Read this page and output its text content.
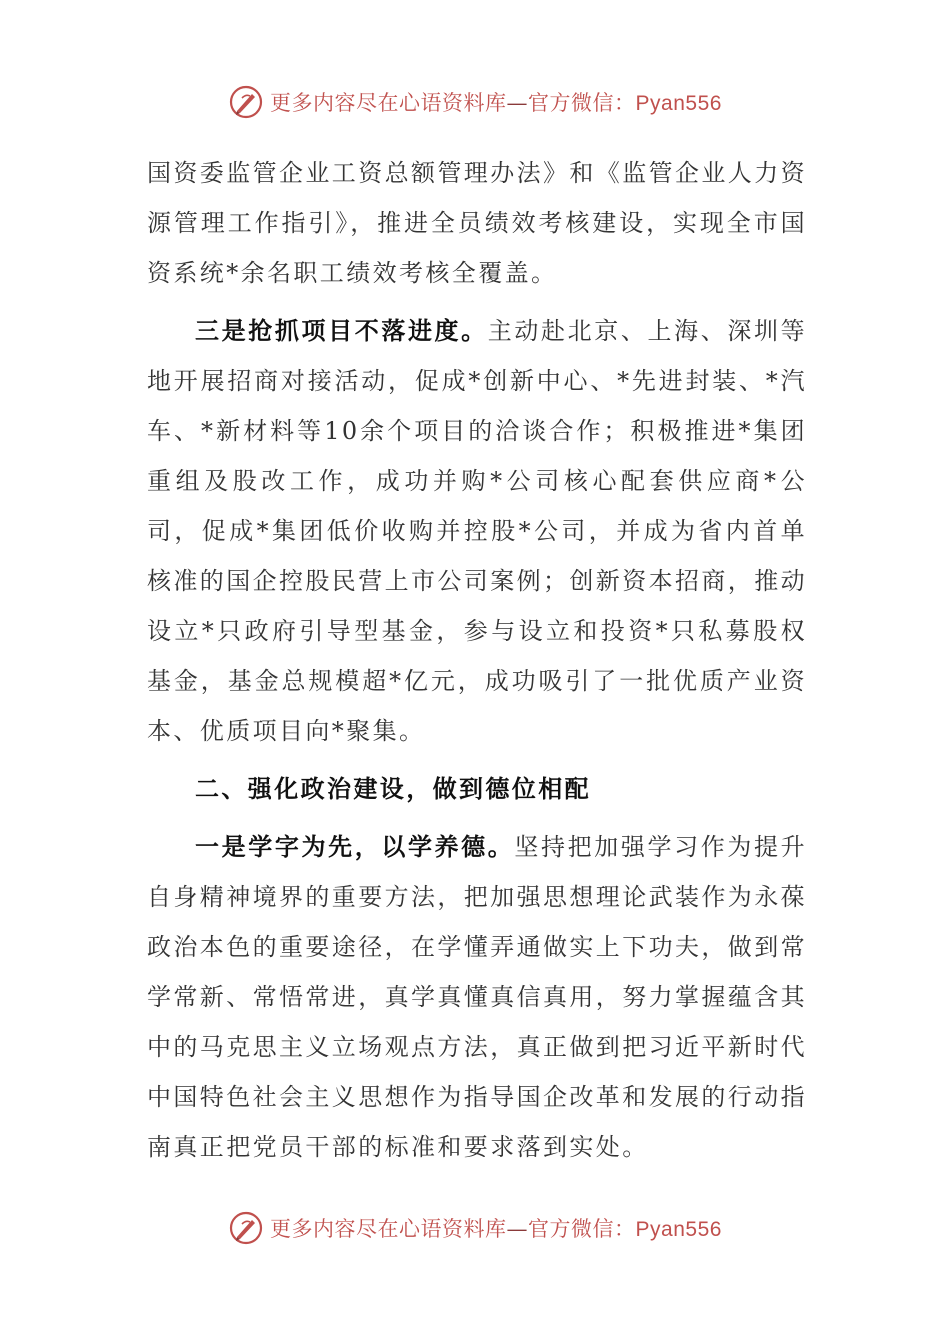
更多内容尽在心语资料库—官方微信：Pyan556

国资委监管企业工资总额管理办法》和《监管企业人力资源管理工作指引》，推进全员绩效考核建设，实现全市国资系统*余名职工绩效考核全覆盖。

三是抢抓项目不落进度。主动赴北京、上海、深圳等地开展招商对接活动，促成*创新中心、*先进封装、*汽车、*新材料等10余个项目的洽谈合作；积极推进*集团重组及股改工作，成功并购*公司核心配套供应商*公司，促成*集团低价收购并控股*公司，并成为省内首单核准的国企控股民营上市公司案例；创新资本招商，推动设立*只政府引导型基金，参与设立和投资*只私募股权基金，基金总规模超*亿元，成功吸引了一批优质产业资本、优质项目向*聚集。

二、强化政治建设，做到德位相配

一是学字为先，以学养德。坚持把加强学习作为提升自身精神境界的重要方法，把加强思想理论武装作为永葆政治本色的重要途径，在学懂弄通做实上下功夫，做到常学常新、常悟常进，真学真懂真信真用，努力掌握蕴含其中的马克思主义立场观点方法，真正做到把习近平新时代中国特色社会主义思想作为指导国企改革和发展的行动指南真正把党员干部的标准和要求落到实处。

更多内容尽在心语资料库—官方微信：Pyan556
